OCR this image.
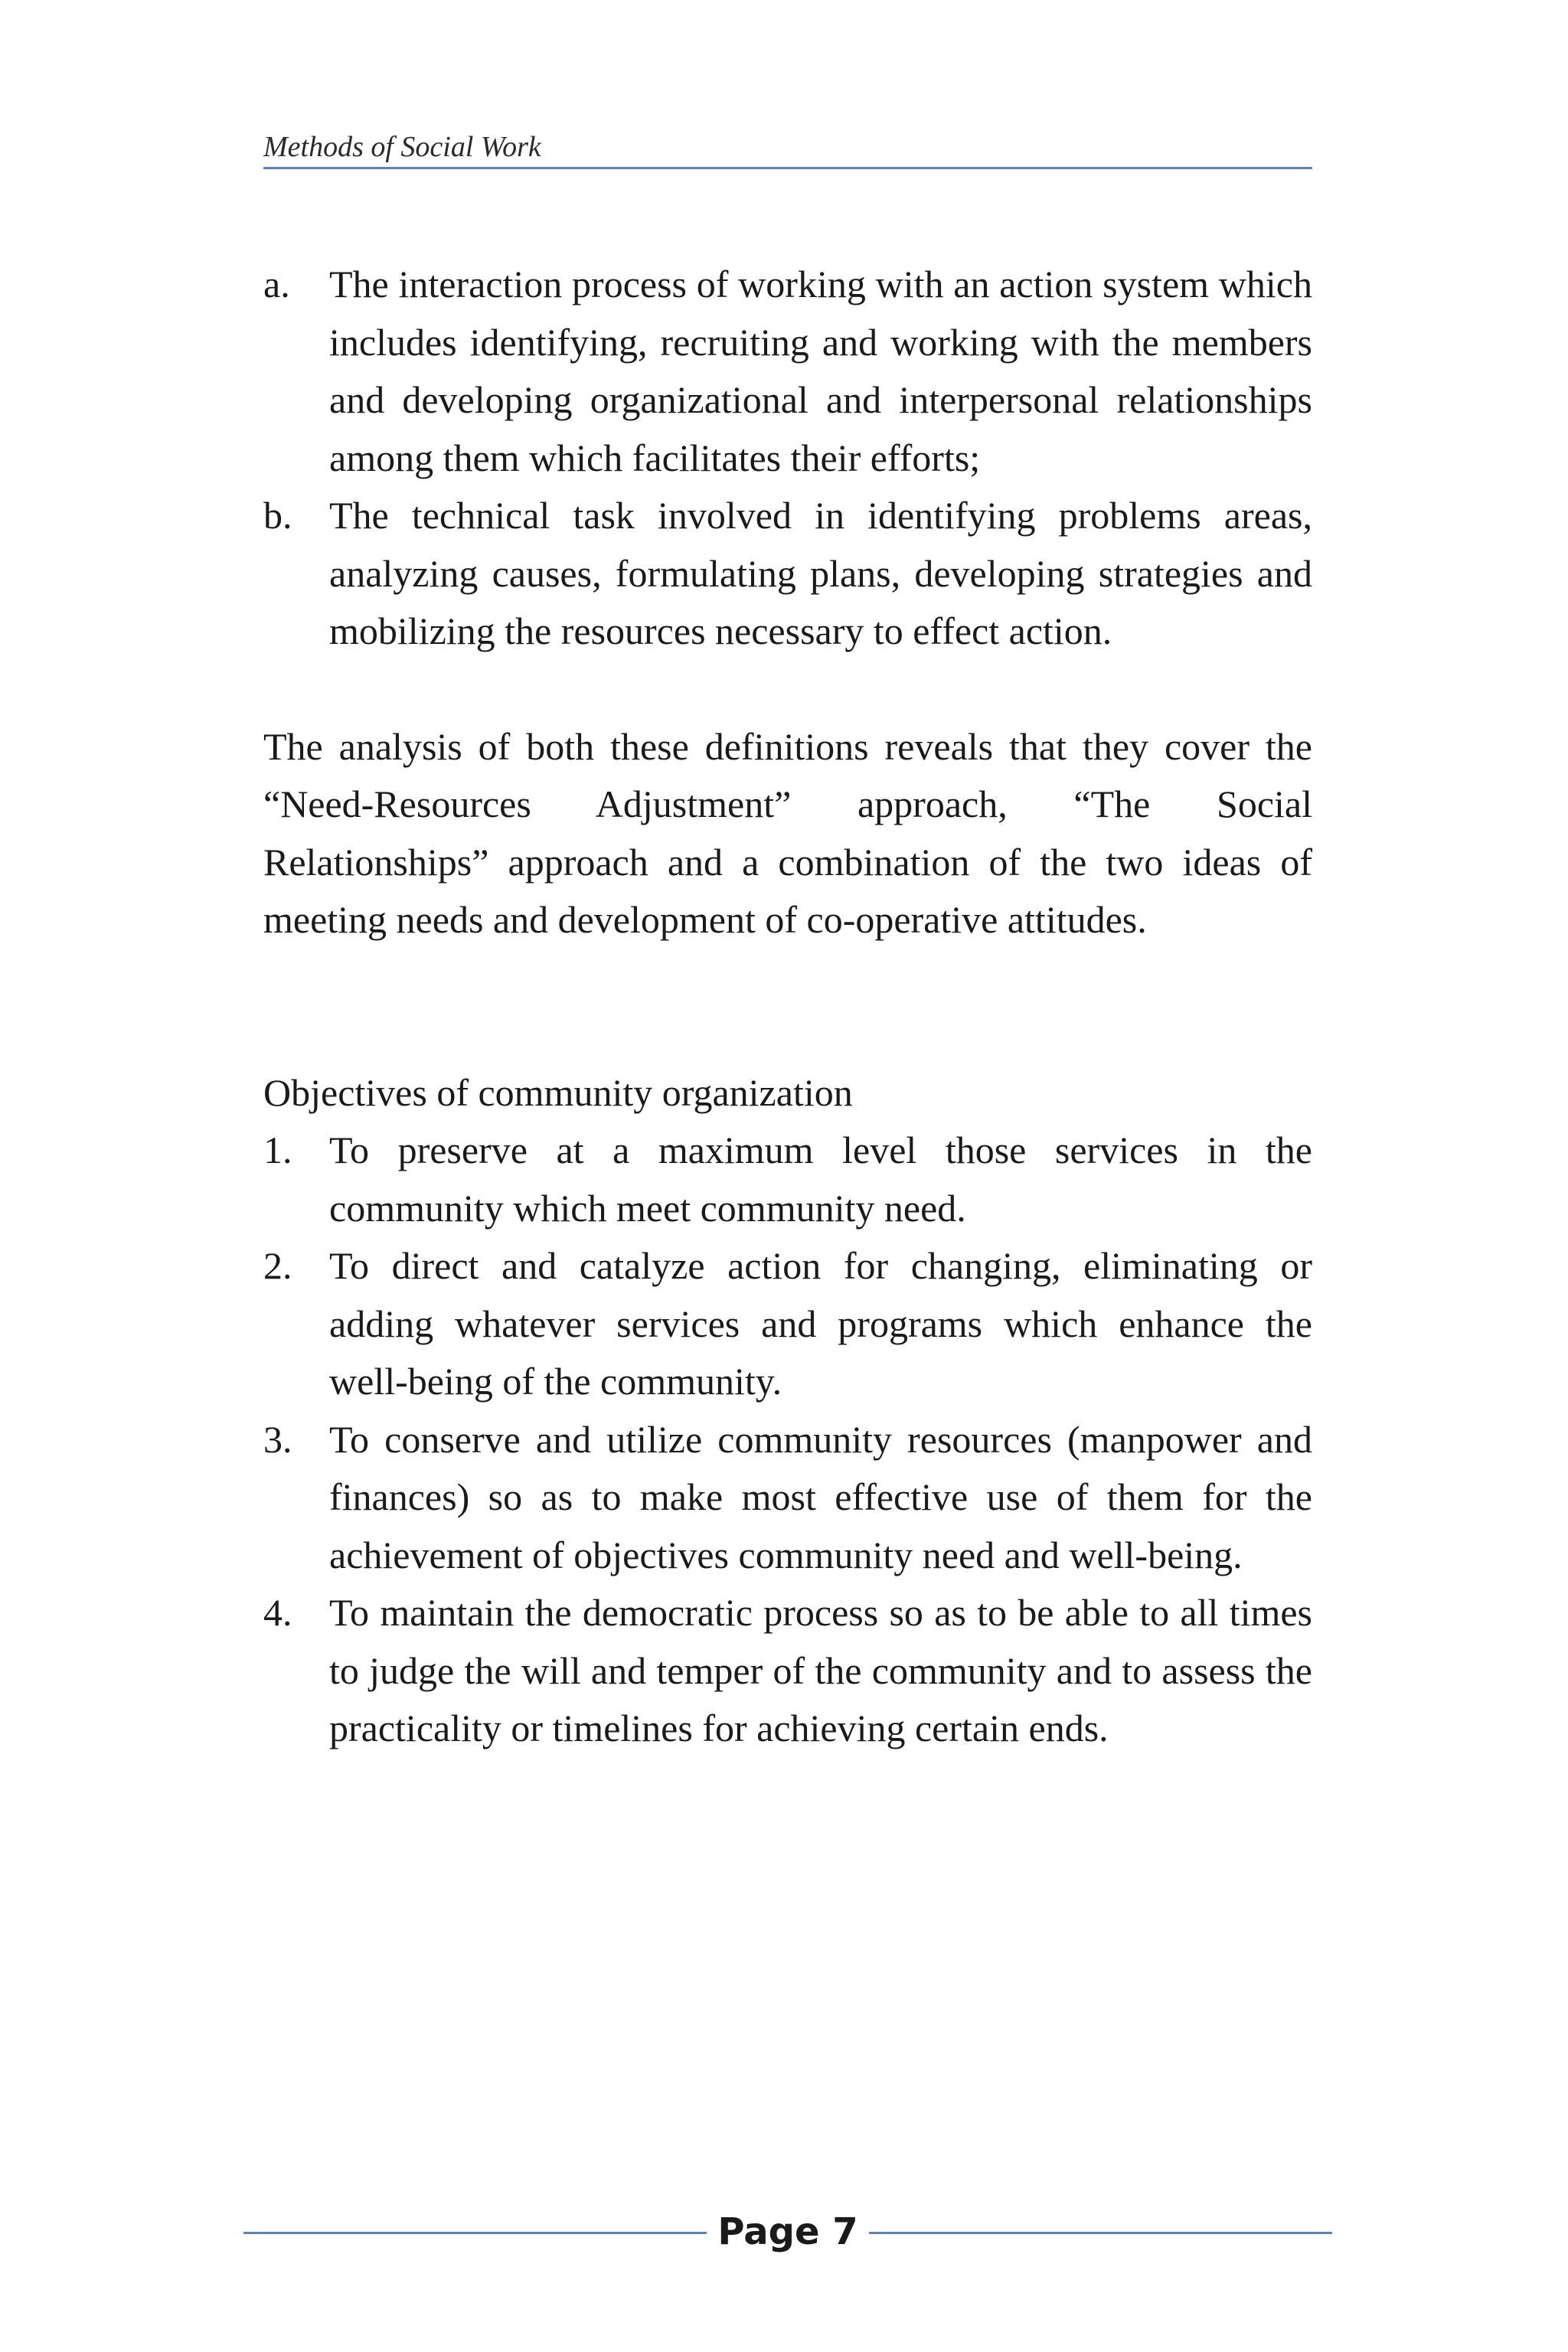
Methods of Social Work
a. The interaction process of working with an action system which includes identifying, recruiting and working with the members and developing organizational and interpersonal relationships among them which facilitates their efforts;
b. The technical task involved in identifying problems areas, analyzing causes, formulating plans, developing strategies and mobilizing the resources necessary to effect action.

The analysis of both these definitions reveals that they cover the “Need-Resources Adjustment” approach, “The Social Relationships” approach and a combination of the two ideas of meeting needs and development of co-operative attitudes.

Objectives of community organization

1. To preserve at a maximum level those services in the community which meet community need.
2. To direct and catalyze action for changing, eliminating or adding whatever services and programs which enhance the well-being of the community.
3. To conserve and utilize community resources (manpower and finances) so as to make most effective use of them for the achievement of objectives community need and well-being.
4. To maintain the democratic process so as to be able to all times to judge the will and temper of the community and to assess the practicality or timelines for achieving certain ends.
Page 7
